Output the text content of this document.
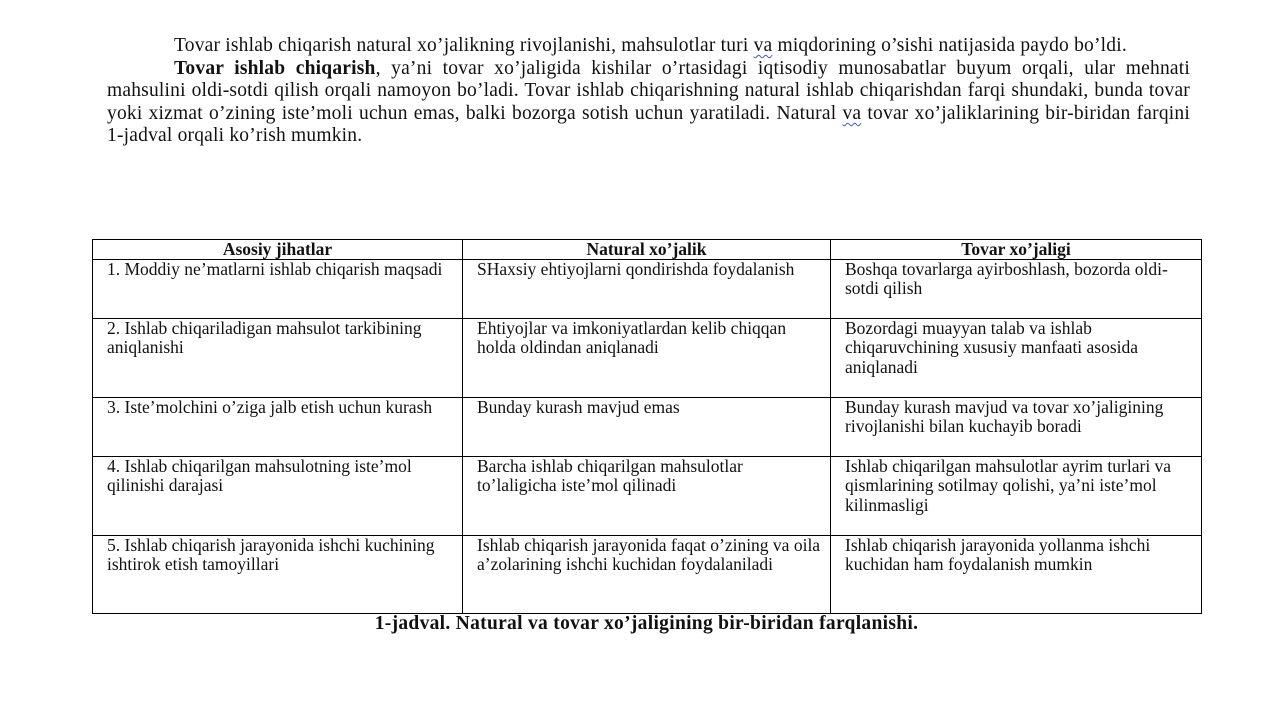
Tovar ishlab chiqarish natural xo’jalikning rivojlanishi, mahsulotlar turi va miqdorining o’sishi natijasida paydo bo’ldi.

Tovar ishlab chiqarish, ya’ni tovar xo’jaligida kishilar o’rtasidagi iqtisodiy munosabatlar buyum orqali, ular mehnati mahsulini oldi-sotdi qilish orqali namoyon bo’ladi. Tovar ishlab chiqarishning natural ishlab chiqarishdan farqi shundaki, bunda tovar yoki xizmat o’zining iste’moli uchun emas, balki bozorga sotish uchun yaratiladi. Natural va tovar xo’jaliklarining bir-biridan farqini 1-jadval orqali ko’rish mumkin.

Asosiy jihatlar	Natural xo’jalik	Tovar xo’jaligi
1. Moddiy ne’matlarni ishlab chiqarish maqsadi	SHaxsiy ehtiyojlarni qondirishda foydalanish	Boshqa tovarlarga ayirboshlash, bozorda oldi-sotdi qilish
2. Ishlab chiqariladigan mahsulot tarkibining aniqlanishi	Ehtiyojlar va imkoniyatlardan kelib chiqqan holda oldindan aniqlanadi	Bozordagi muayyan talab va ishlab chiqaruvchining xususiy manfaati asosida aniqlanadi
3. Iste’molchini o’ziga jalb etish uchun kurash	Bunday kurash mavjud emas	Bunday kurash mavjud va tovar xo’jaligining rivojlanishi bilan kuchayib boradi
4. Ishlab chiqarilgan mahsulotning iste’mol qilinishi darajasi	Barcha ishlab chiqarilgan mahsulotlar to’laligicha iste’mol qilinadi	Ishlab chiqarilgan mahsulotlar ayrim turlari va qismlarining sotilmay qolishi, ya’ni iste’mol kilinmasligi
5. Ishlab chiqarish jarayonida ishchi kuchining ishtirok etish tamoyillari	Ishlab chiqarish jarayonida faqat o’zining va oila a’zolarining ishchi kuchidan foydalaniladi	Ishlab chiqarish jarayonida yollanma ishchi kuchidan ham foydalanish mumkin
1-jadval. Natural va tovar xo’jaligining bir-biridan farqlanishi.
